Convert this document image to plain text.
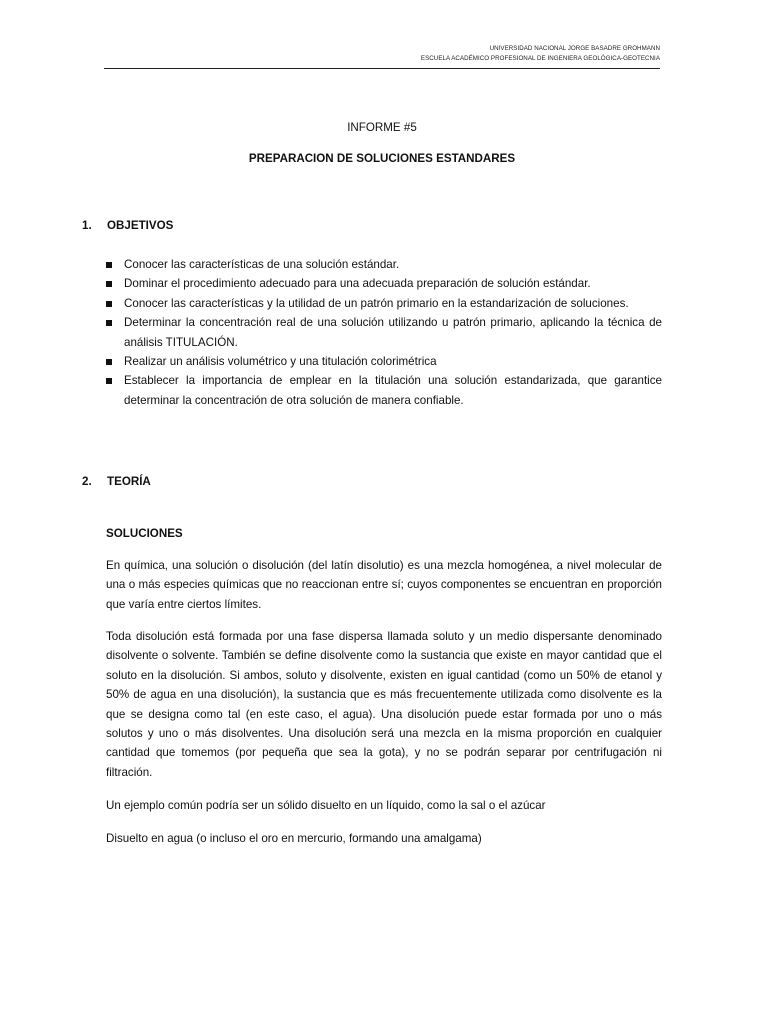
UNIVERSIDAD NACIONAL JORGE BASADRE GROHMANN
ESCUELA ACADÉMICO PROFESIONAL DE INGENIERA GEOLÓGICA-GEOTECNIA
INFORME #5
PREPARACION DE SOLUCIONES ESTANDARES
1. OBJETIVOS
Conocer las características de una solución estándar.
Dominar el procedimiento adecuado para una adecuada preparación de solución estándar.
Conocer las características y la utilidad de un patrón primario en la estandarización de soluciones.
Determinar la concentración real de una solución utilizando u patrón primario, aplicando la técnica de análisis TITULACIÓN.
Realizar un análisis volumétrico y una titulación colorimétrica
Establecer la importancia de emplear en la titulación una solución estandarizada, que garantice determinar la concentración de otra solución de manera confiable.
2. TEORÍA
SOLUCIONES

En química, una solución o disolución (del latín disolutio) es una mezcla homogénea, a nivel molecular de una o más especies químicas que no reaccionan entre sí; cuyos componentes se encuentran en proporción que varía entre ciertos límites.

Toda disolución está formada por una fase dispersa llamada soluto y un medio dispersante denominado disolvente o solvente. También se define disolvente como la sustancia que existe en mayor cantidad que el soluto en la disolución. Si ambos, soluto y disolvente, existen en igual cantidad (como un 50% de etanol y 50% de agua en una disolución), la sustancia que es más frecuentemente utilizada como disolvente es la que se designa como tal (en este caso, el agua). Una disolución puede estar formada por uno o más solutos y uno o más disolventes. Una disolución será una mezcla en la misma proporción en cualquier cantidad que tomemos (por pequeña que sea la gota), y no se podrán separar por centrifugación ni filtración.

Un ejemplo común podría ser un sólido disuelto en un líquido, como la sal o el azúcar

Disuelto en agua (o incluso el oro en mercurio, formando una amalgama)
